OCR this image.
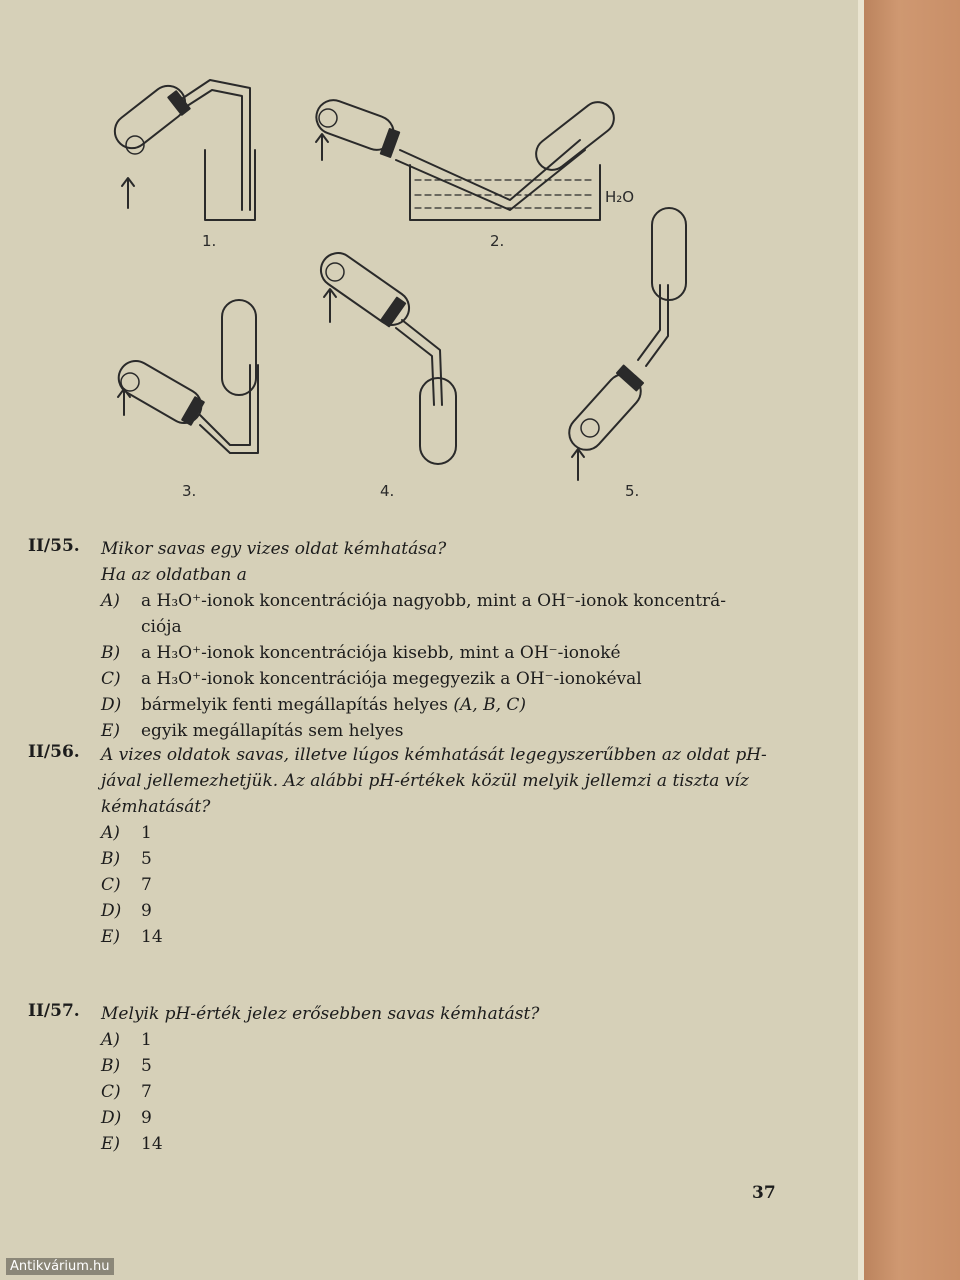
1.	2.
H₂O
3.	4.	5.
II/55. Mikor savas egy vizes oldat kémhatása?
Ha az oldatban a
A)	a H₃O⁺-ionok koncentrációja nagyobb, mint a OH⁻-ionok koncentrá-
ciója
B)	a H₃O⁺-ionok koncentrációja kisebb, mint a OH⁻-ionoké
C)	a H₃O⁺-ionok koncentrációja megegyezik a OH⁻-ionokéval
D)	bármelyik fenti megállapítás helyes (A, B, C)
E)	egyik megállapítás sem helyes
II/56. A vizes oldatok savas, illetve lúgos kémhatását legegyszerűbben az oldat pH-
jával jellemezhetjük. Az alábbi pH-értékek közül melyik jellemzi a tiszta víz
kémhatását?
A)	1
B)	5
C)	7
D)	9
E)	14
II/57. Melyik pH-érték jelez erősebben savas kémhatást?
A)	1
B)	5
C)	7
D)	9
E)	14
37
Antikvárium.hu
